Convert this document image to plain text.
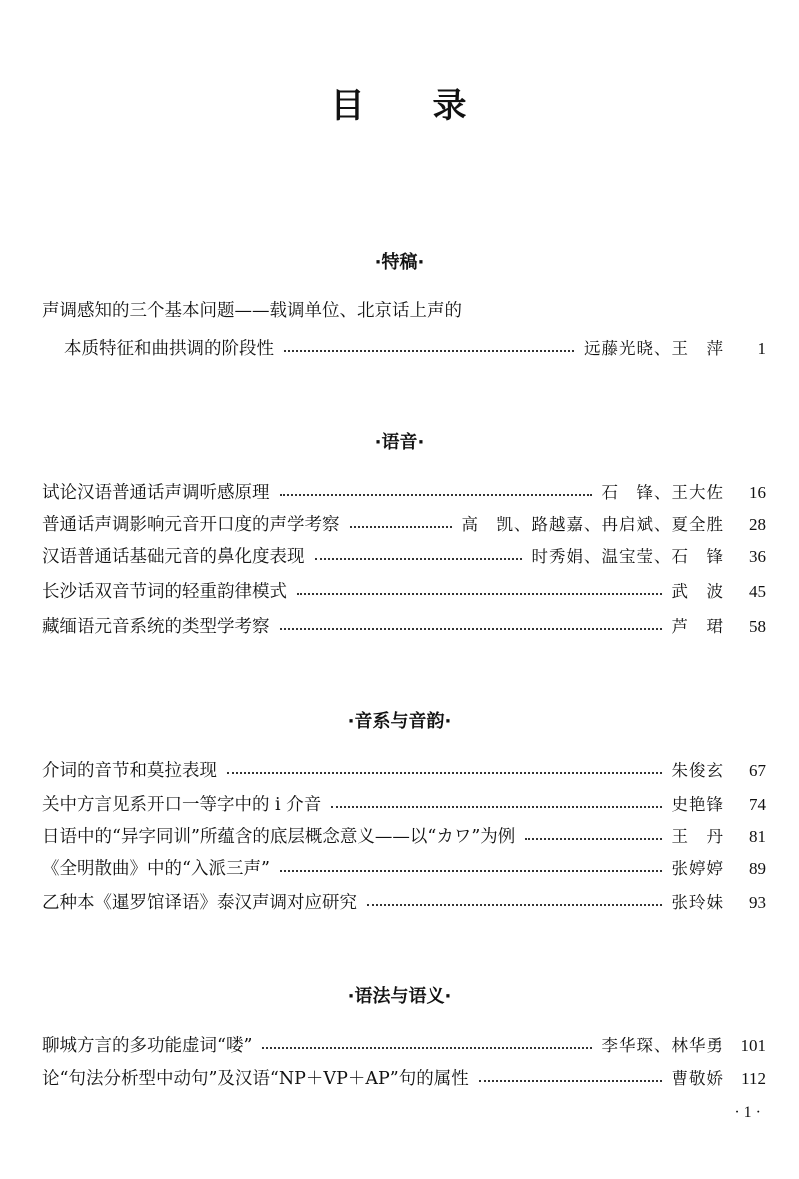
目 录
·特稿·
声调感知的三个基本问题——载调单位、北京话上声的
本质特征和曲拱调的阶段性	远藤光晓、王　萍	1
·语音·
试论汉语普通话声调听感原理	石　锋、王大佐	16
普通话声调影响元音开口度的声学考察	高　凯、路越嘉、冉启斌、夏全胜	28
汉语普通话基础元音的鼻化度表现	时秀娟、温宝莹、石　锋	36
长沙话双音节词的轻重韵律模式	武　波	45
藏缅语元音系统的类型学考察	芦　珺	58
·音系与音韵·
介词的音节和莫拉表现	朱俊玄	67
关中方言见系开口一等字中的 i 介音	史艳锋	74
日语中的“异字同训”所蕴含的底层概念意义——以“カワ”为例	王　丹	81
《全明散曲》中的“入派三声”	张婷婷	89
乙种本《暹罗馆译语》泰汉声调对应研究	张玲妹	93
·语法与语义·
聊城方言的多功能虚词“喽”	李华琛、林华勇 101
论“句法分析型中动句”及汉语“NP＋VP＋AP”句的属性	曹敬娇	112
· 1 ·
